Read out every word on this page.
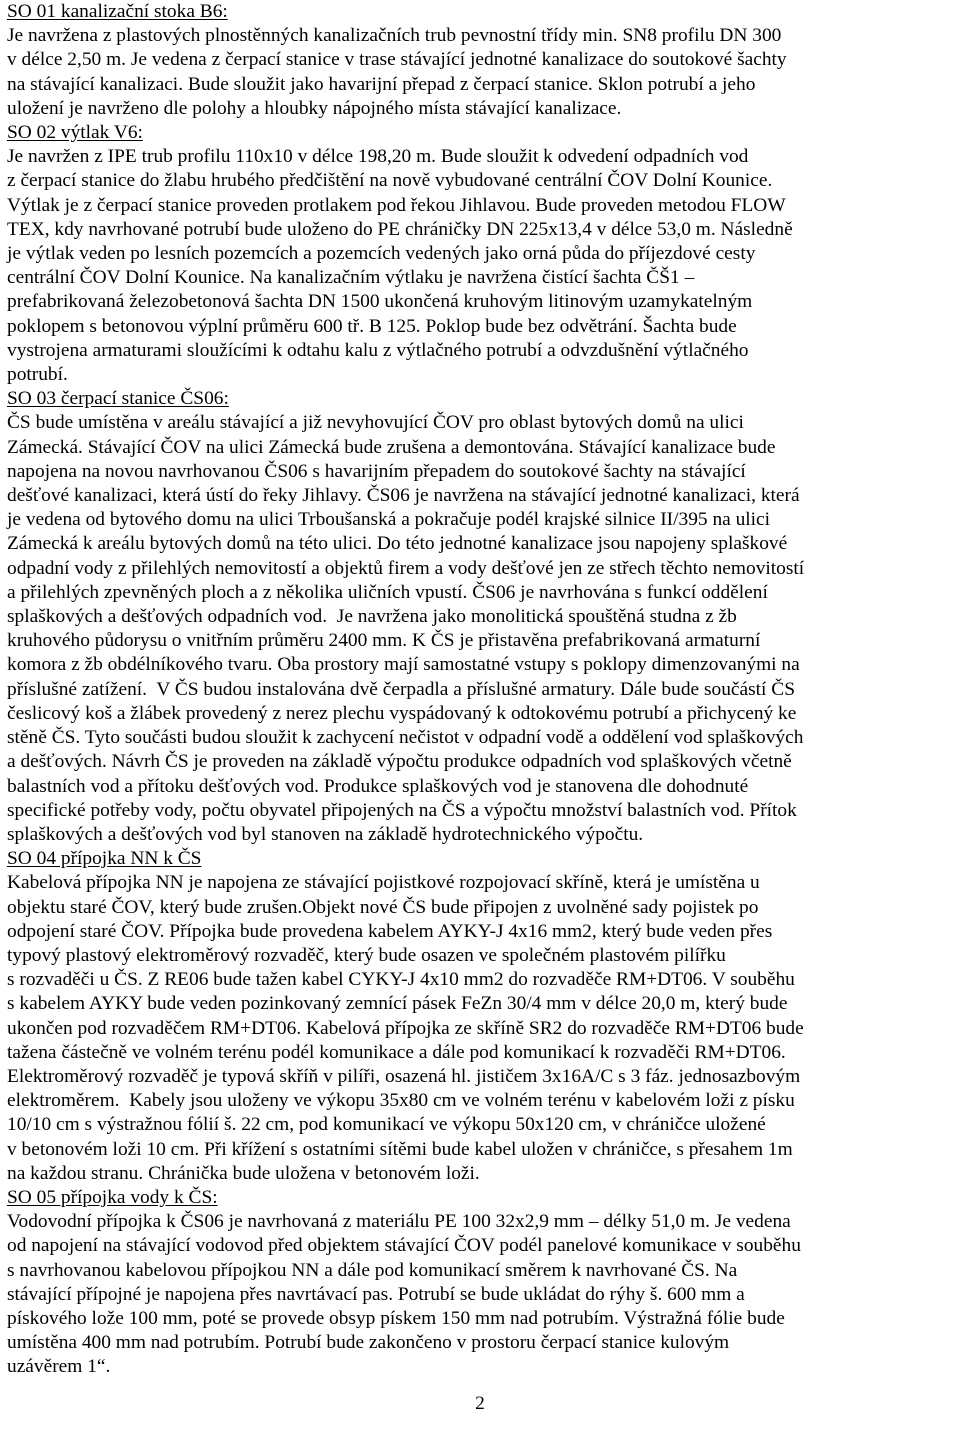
SO 01 kanalizační stoka B6:
Je navržena z plastových plnostěnných kanalizačních trub pevnostní třídy min. SN8 profilu DN 300
v délce 2,50 m. Je vedena z čerpací stanice v trase stávající jednotné kanalizace do soutokové šachty
na stávající kanalizaci. Bude sloužit jako havarijní přepad z čerpací stanice. Sklon potrubí a jeho
uložení je navrženo dle polohy a hloubky nápojného místa stávající kanalizace.
SO 02 výtlak V6:
Je navržen z IPE trub profilu 110x10 v délce 198,20 m. Bude sloužit k odvedení odpadních vod
z čerpací stanice do žlabu hrubého předčištění na nově vybudované centrální ČOV Dolní Kounice.
Výtlak je z čerpací stanice proveden protlakem pod řekou Jihlavou. Bude proveden metodou FLOW
TEX, kdy navrhované potrubí bude uloženo do PE chráničky DN 225x13,4 v délce 53,0 m. Následně
je výtlak veden po lesních pozemcích a pozemcích vedených jako orná půda do příjezdové cesty
centrální ČOV Dolní Kounice. Na kanalizačním výtlaku je navržena čistící šachta ČŠ1 –
prefabrikovaná železobetonová šachta DN 1500 ukončená kruhovým litinovým uzamykatelným
poklopem s betonovou výplní průměru 600 tř. B 125. Poklop bude bez odvětrání. Šachta bude
vystrojena armaturami sloužícími k odtahu kalu z výtlačného potrubí a odvzdušnění výtlačného
potrubí.
SO 03 čerpací stanice ČS06:
ČS bude umístěna v areálu stávající a již nevyhovující ČOV pro oblast bytových domů na ulici
Zámecká. Stávající ČOV na ulici Zámecká bude zrušena a demontována. Stávající kanalizace bude
napojena na novou navrhovanou ČS06 s havarijním přepadem do soutokové šachty na stávající
dešťové kanalizaci, která ústí do řeky Jihlavy. ČS06 je navržena na stávající jednotné kanalizaci, která
je vedena od bytového domu na ulici Trboušanská a pokračuje podél krajské silnice II/395 na ulici
Zámecká k areálu bytových domů na této ulici. Do této jednotné kanalizace jsou napojeny splaškové
odpadní vody z přilehlých nemovitostí a objektů firem a vody dešťové jen ze střech těchto nemovitostí
a přilehlých zpevněných ploch a z několika uličních vpustí. ČS06 je navrhována s funkcí oddělení
splaškových a dešťových odpadních vod.  Je navržena jako monolitická spouštěná studna z žb
kruhového půdorysu o vnitřním průměru 2400 mm. K ČS je přistavěna prefabrikovaná armaturní
komora z žb obdélníkového tvaru. Oba prostory mají samostatné vstupy s poklopy dimenzovanými na
příslušné zatížení.  V ČS budou instalována dvě čerpadla a příslušné armatury. Dále bude součástí ČS
česlicový koš a žlábek provedený z nerez plechu vyspádovaný k odtokovému potrubí a přichycený ke
stěně ČS. Tyto součásti budou sloužit k zachycení nečistot v odpadní vodě a oddělení vod splaškových
a dešťových. Návrh ČS je proveden na základě výpočtu produkce odpadních vod splaškových včetně
balastních vod a přítoku dešťových vod. Produkce splaškových vod je stanovena dle dohodnuté
specifické potřeby vody, počtu obyvatel připojených na ČS a výpočtu množství balastních vod. Přítok
splaškových a dešťových vod byl stanoven na základě hydrotechnického výpočtu.
SO 04 přípojka NN k ČS
Kabelová přípojka NN je napojena ze stávající pojistkové rozpojovací skříně, která je umístěna u
objektu staré ČOV, který bude zrušen.Objekt nové ČS bude připojen z uvolněné sady pojistek po
odpojení staré ČOV. Přípojka bude provedena kabelem AYKY-J 4x16 mm2, který bude veden přes
typový plastový elektroměrový rozvaděč, který bude osazen ve společném plastovém pilířku
s rozvaděči u ČS. Z RE06 bude tažen kabel CYKY-J 4x10 mm2 do rozvaděče RM+DT06. V souběhu
s kabelem AYKY bude veden pozinkovaný zemnící pásek FeZn 30/4 mm v délce 20,0 m, který bude
ukončen pod rozvaděčem RM+DT06. Kabelová přípojka ze skříně SR2 do rozvaděče RM+DT06 bude
tažena částečně ve volném terénu podél komunikace a dále pod komunikací k rozvaděči RM+DT06.
Elektroměrový rozvaděč je typová skříň v pilíři, osazená hl. jističem 3x16A/C s 3 fáz. jednosazbovým
elektroměrem.  Kabely jsou uloženy ve výkopu 35x80 cm ve volném terénu v kabelovém loži z písku
10/10 cm s výstražnou fólií š. 22 cm, pod komunikací ve výkopu 50x120 cm, v chráničce uložené
v betonovém loži 10 cm. Při křížení s ostatními sítěmi bude kabel uložen v chráničce, s přesahem 1m
na každou stranu. Chránička bude uložena v betonovém loži.
SO 05 přípojka vody k ČS:
Vodovodní přípojka k ČS06 je navrhovaná z materiálu PE 100 32x2,9 mm – délky 51,0 m. Je vedena
od napojení na stávající vodovod před objektem stávající ČOV podél panelové komunikace v souběhu
s navrhovanou kabelovou přípojkou NN a dále pod komunikací směrem k navrhované ČS. Na
stávající přípojné je napojena přes navrtávací pas. Potrubí se bude ukládat do rýhy š. 600 mm a
pískového lože 100 mm, poté se provede obsyp pískem 150 mm nad potrubím. Výstražná fólie bude
umístěna 400 mm nad potrubím. Potrubí bude zakončeno v prostoru čerpací stanice kulovým
uzávěrem 1“.
2
